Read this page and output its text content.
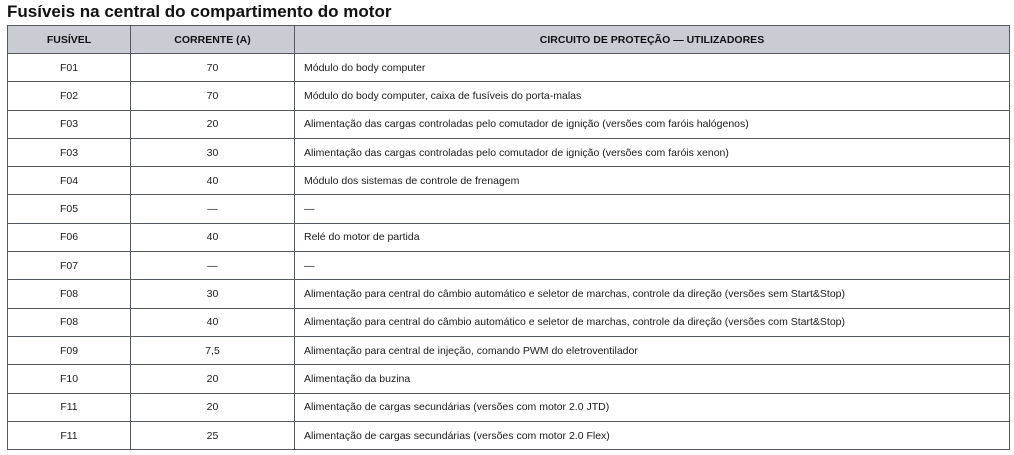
Fusíveis na central do compartimento do motor
FUSÍVEL	CORRENTE (A)	CIRCUITO DE PROTEÇÃO — UTILIZADORES
F01	70	Módulo do body computer
F02	70	Módulo do body computer, caixa de fusíveis do porta-malas
F03	20	Alimentação das cargas controladas pelo comutador de ignição (versões com faróis halógenos)
F03	30	Alimentação das cargas controladas pelo comutador de ignição (versões com faróis xenon)
F04	40	Módulo dos sistemas de controle de frenagem
F05	—	—
F06	40	Relé do motor de partida
F07	—	—
F08	30	Alimentação para central do câmbio automático e seletor de marchas, controle da direção (versões sem Start&Stop)
F08	40	Alimentação para central do câmbio automático e seletor de marchas, controle da direção (versões com Start&Stop)
F09	7,5	Alimentação para central de injeção, comando PWM do eletroventilador
F10	20	Alimentação da buzina
F11	20	Alimentação de cargas secundárias (versões com motor 2.0 JTD)
F11	25	Alimentação de cargas secundárias (versões com motor 2.0 Flex)
